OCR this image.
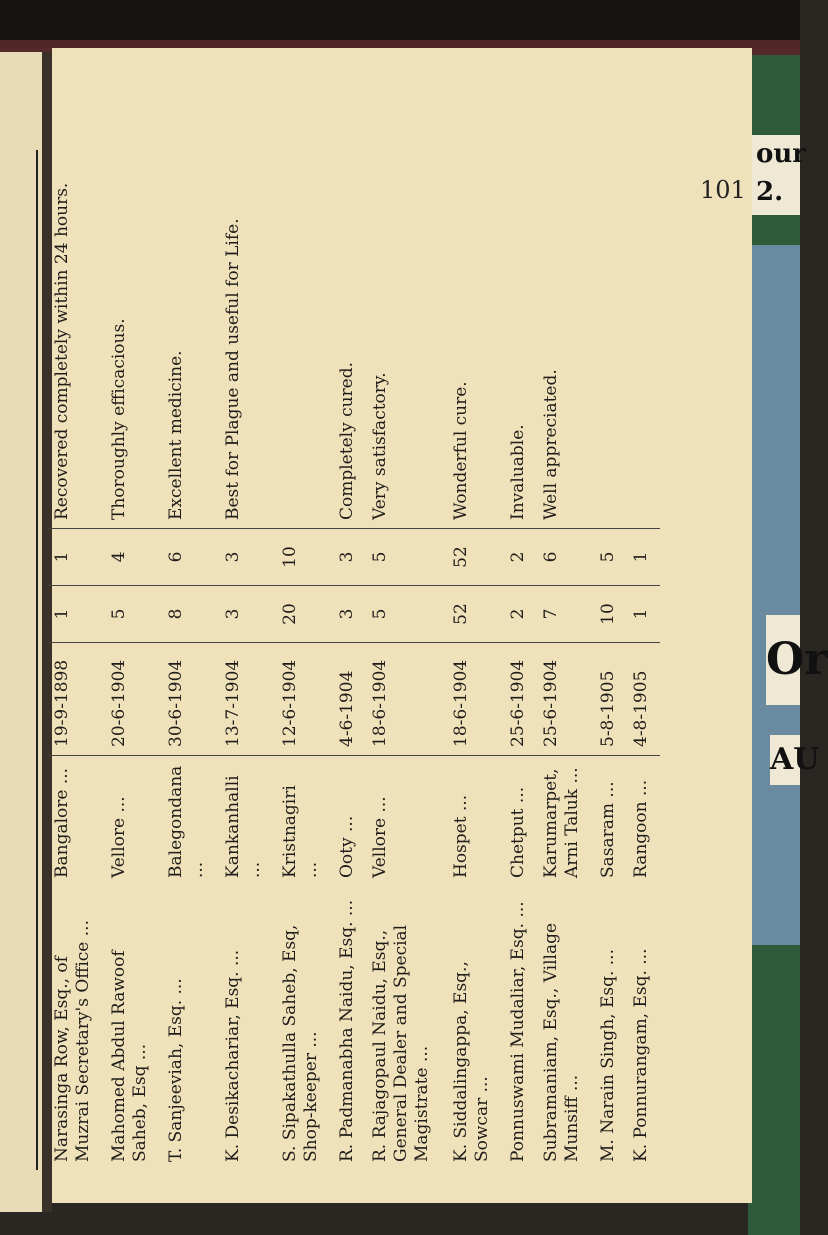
our
2.
Or
AU
101
Narasinga Row, Esq., of Muzrai Secretary's Office ...	Bangalore ...	19-9-1898	1	1	Recovered completely within 24 hours.
Mahomed Abdul Rawoof Saheb, Esq ...	Vellore ...	20-6-1904	5	4	Thoroughly efficacious.
T. Sanjeeviah, Esq. ...	Balegondana ...	30-6-1904	8	6	Excellent medicine.
K. Desikachariar, Esq. ...	Kankanhalli ...	13-7-1904	3	3	Best for Plague and useful for Life.
S. Sipakathulla Saheb, Esq, Shop-keeper ...	Kristnagiri ...	12-6-1904	20	10	
R. Padmanabha Naidu, Esq. ...	Ooty ...	4-6-1904	3	3	Completely cured.
R. Rajagopaul Naidu, Esq., General Dealer and Special Magistrate ...	Vellore ...	18-6-1904	5	5	Very satisfactory.
K. Siddalingappa, Esq., Sowcar ...	Hospet ...	18-6-1904	52	52	Wonderful cure.
Ponnuswami Mudaliar, Esq. ...	Chetput ...	25-6-1904	2	2	Invaluable.
Subramaniam, Esq., Village Munsiff ...	Karumarpet, Arni Taluk ...	25-6-1904	7	6	Well appreciated.
M. Narain Singh, Esq. ...	Sasaram ...	5-8-1905	10	5	
K. Ponnurangam, Esq. ...	Rangoon ...	4-8-1905	1	1	
